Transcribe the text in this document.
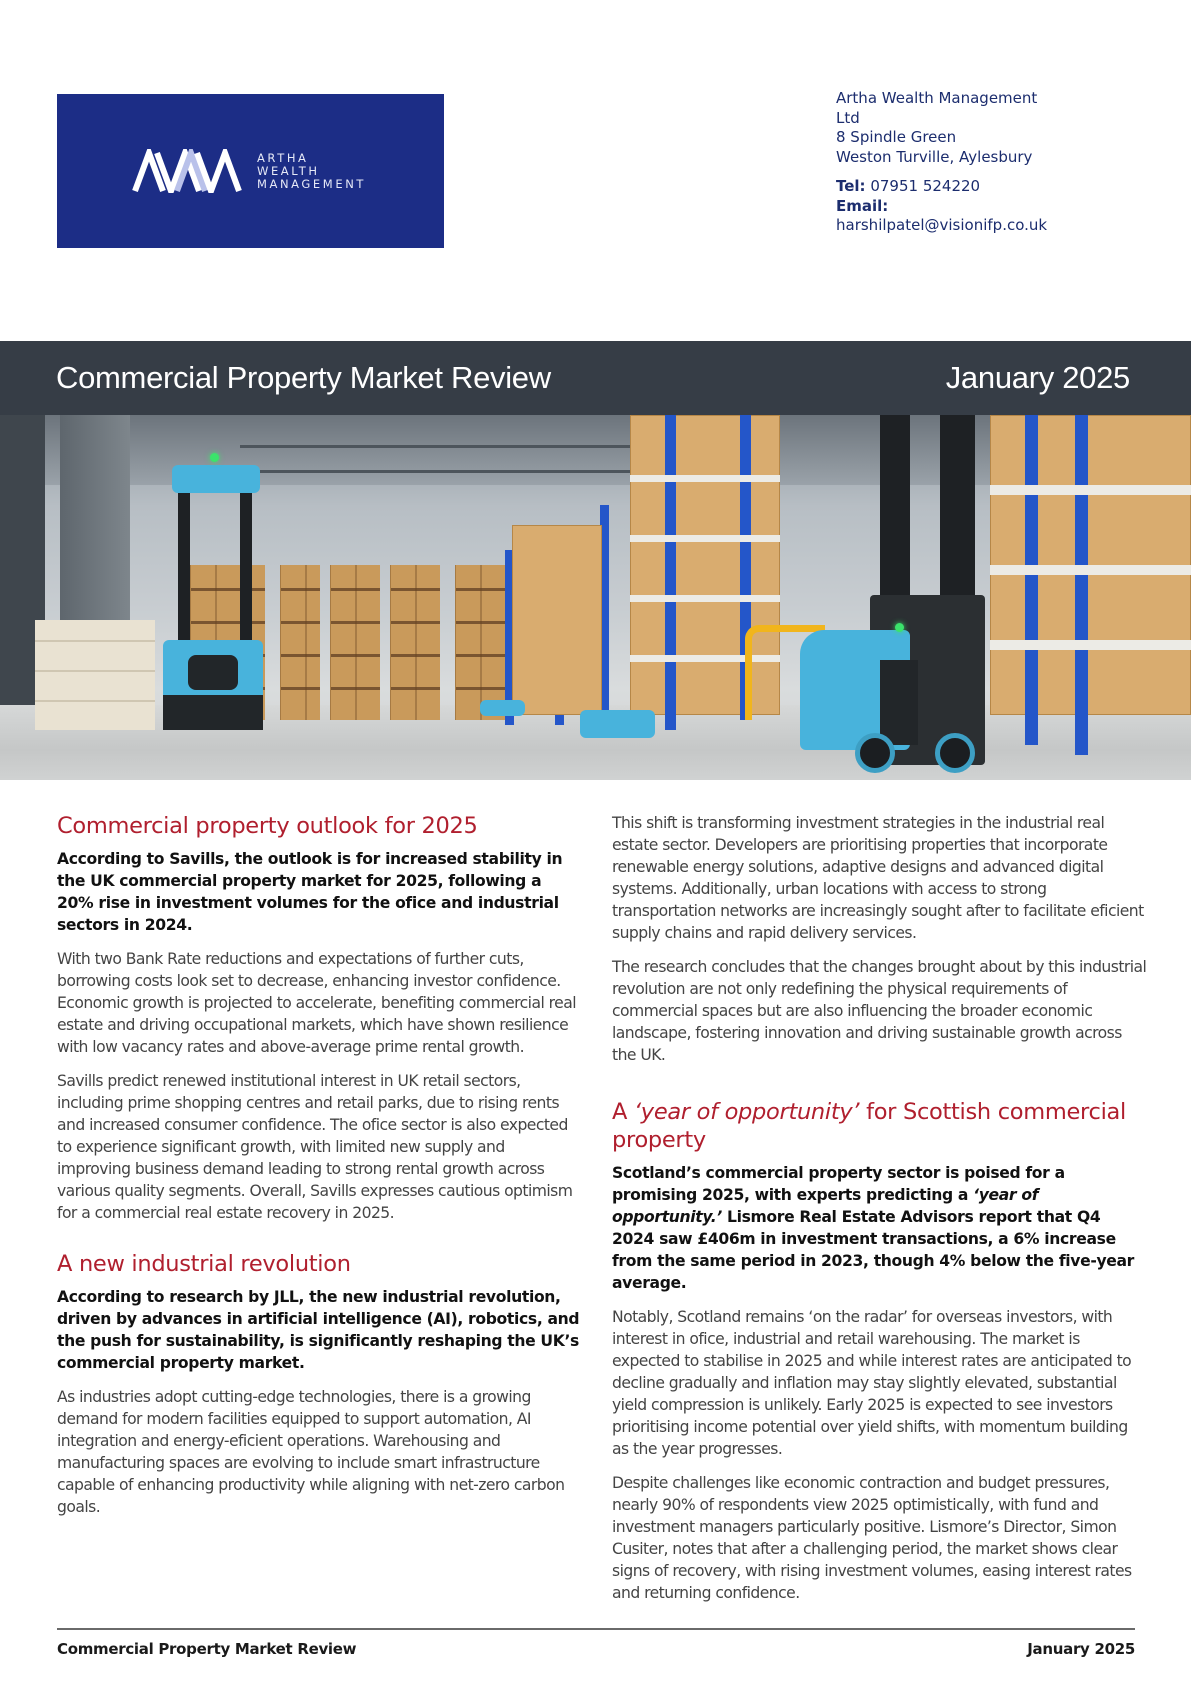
ARTHA
WEALTH
MANAGEMENT
Artha Wealth Management
Ltd
8 Spindle Green
Weston Turville, Aylesbury
Tel: 07951 524220
Email:
harshilpatel@visionifp.co.uk
Commercial Property Market Review	January 2025
Commercial property outlook for 2025

According to Savills, the outlook is for increased stability in the UK commercial property market for 2025, following a 20% rise in investment volumes for the ofice and industrial sectors in 2024.

With two Bank Rate reductions and expectations of further cuts, borrowing costs look set to decrease, enhancing investor confidence. Economic growth is projected to accelerate, benefiting commercial real estate and driving occupational markets, which have shown resilience with low vacancy rates and above-average prime rental growth.

Savills predict renewed institutional interest in UK retail sectors, including prime shopping centres and retail parks, due to rising rents and increased consumer confidence. The ofice sector is also expected to experience significant growth, with limited new supply and improving business demand leading to strong rental growth across various quality segments. Overall, Savills expresses cautious optimism for a commercial real estate recovery in 2025.

A new industrial revolution

According to research by JLL, the new industrial revolution, driven by advances in artificial intelligence (AI), robotics, and the push for sustainability, is significantly reshaping the UK’s commercial property market.

As industries adopt cutting-edge technologies, there is a growing demand for modern facilities equipped to support automation, AI integration and energy-eficient operations. Warehousing and manufacturing spaces are evolving to include smart infrastructure capable of enhancing productivity while aligning with net-zero carbon goals.

This shift is transforming investment strategies in the industrial real estate sector. Developers are prioritising properties that incorporate renewable energy solutions, adaptive designs and advanced digital systems. Additionally, urban locations with access to strong transportation networks are increasingly sought after to facilitate eficient supply chains and rapid delivery services.

The research concludes that the changes brought about by this industrial revolution are not only redefining the physical requirements of commercial spaces but are also influencing the broader economic landscape, fostering innovation and driving sustainable growth across the UK.

A ‘year of opportunity’ for Scottish commercial property

Scotland’s commercial property sector is poised for a promising 2025, with experts predicting a ‘year of opportunity.’ Lismore Real Estate Advisors report that Q4 2024 saw £406m in investment transactions, a 6% increase from the same period in 2023, though 4% below the five-year average.

Notably, Scotland remains ‘on the radar’ for overseas investors, with interest in ofice, industrial and retail warehousing. The market is expected to stabilise in 2025 and while interest rates are anticipated to decline gradually and inflation may stay slightly elevated, substantial yield compression is unlikely. Early 2025 is expected to see investors prioritising income potential over yield shifts, with momentum building as the year progresses.

Despite challenges like economic contraction and budget pressures, nearly 90% of respondents view 2025 optimistically, with fund and investment managers particularly positive. Lismore’s Director, Simon Cusiter, notes that after a challenging period, the market shows clear signs of recovery, with rising investment volumes, easing interest rates and returning confidence.

Commercial Property Market Review	January 2025
